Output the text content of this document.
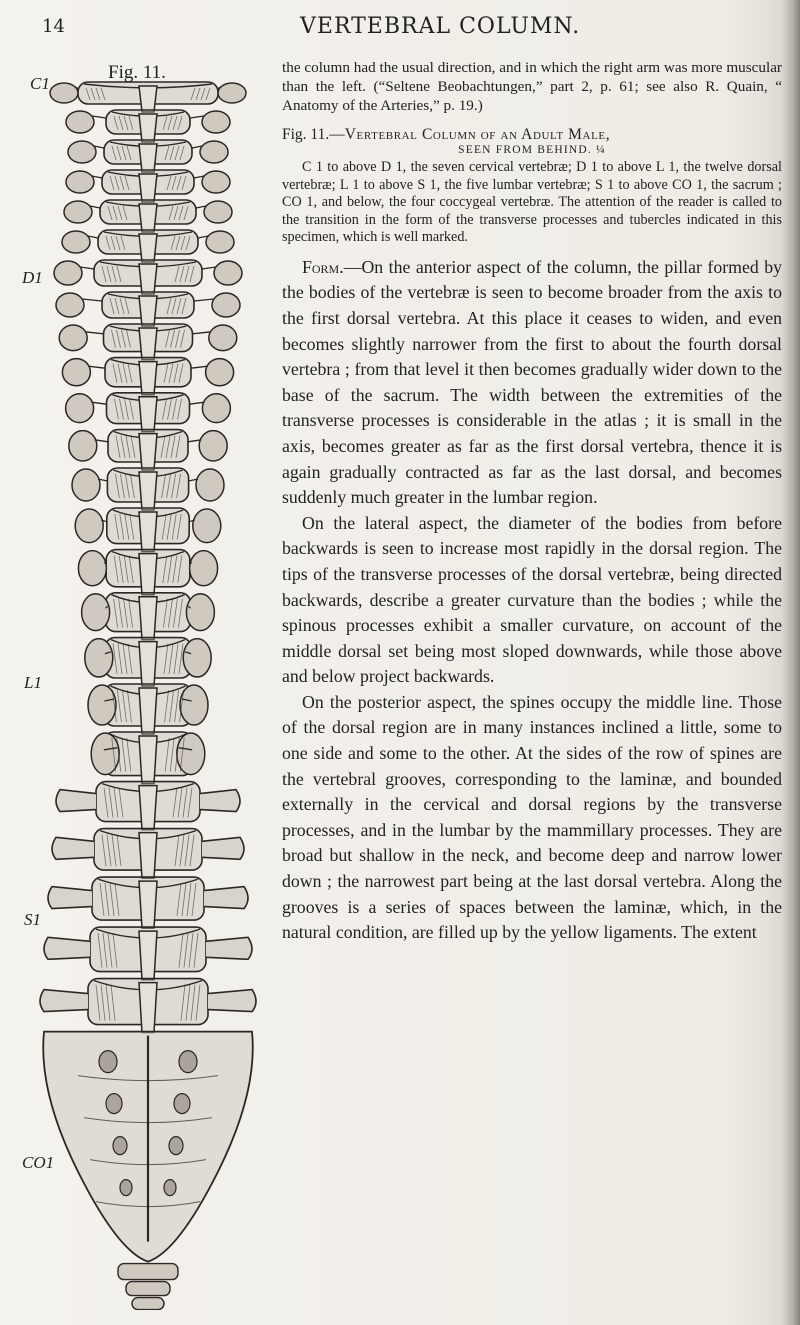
14	VERTEBRAL COLUMN.
Fig. 11.
C1
D1
L1
S1
CO1

the column had the usual direction, and in which the right arm was more muscular than the left. (“Seltene Beobachtungen,” part 2, p. 61; see also R. Quain, “ Anatomy of the Arteries,” p. 19.)

Fig. 11.—Vertebral Column of an Adult Male,

SEEN FROM BEHIND. ¼

C 1 to above D 1, the seven cervical vertebræ; D 1 to above L 1, the twelve dorsal vertebræ; L 1 to above S 1, the five lumbar vertebræ; S 1 to above CO 1, the sacrum ; CO 1, and below, the four coccygeal vertebræ. The attention of the reader is called to the transition in the form of the transverse processes and tubercles indicated in this specimen, which is well marked.

Form.—On the anterior aspect of the column, the pillar formed by the bodies of the vertebræ is seen to become broader from the axis to the first dorsal vertebra. At this place it ceases to widen, and even becomes slightly narrower from the first to about the fourth dorsal vertebra ; from that level it then becomes gradually wider down to the base of the sacrum. The width between the extremities of the transverse processes is considerable in the atlas ; it is small in the axis, becomes greater as far as the first dorsal vertebra, thence it is again gradually contracted as far as the last dorsal, and becomes suddenly much greater in the lumbar region.

On the lateral aspect, the diameter of the bodies from before backwards is seen to increase most rapidly in the dorsal region. The tips of the transverse processes of the dorsal vertebræ, being directed backwards, describe a greater curvature than the bodies ; while the spinous processes exhibit a smaller curvature, on account of the middle dorsal set being most sloped downwards, while those above and below project backwards.

On the posterior aspect, the spines occupy the middle line. Those of the dorsal region are in many instances inclined a little, some to one side and some to the other. At the sides of the row of spines are the vertebral grooves, corresponding to the laminæ, and bounded externally in the cervical and dorsal regions by the transverse processes, and in the lumbar by the mammillary processes. They are broad but shallow in the neck, and become deep and narrow lower down ; the narrowest part being at the last dorsal vertebra. Along the grooves is a series of spaces between the laminæ, which, in the natural condition, are filled up by the yellow ligaments. The extent
